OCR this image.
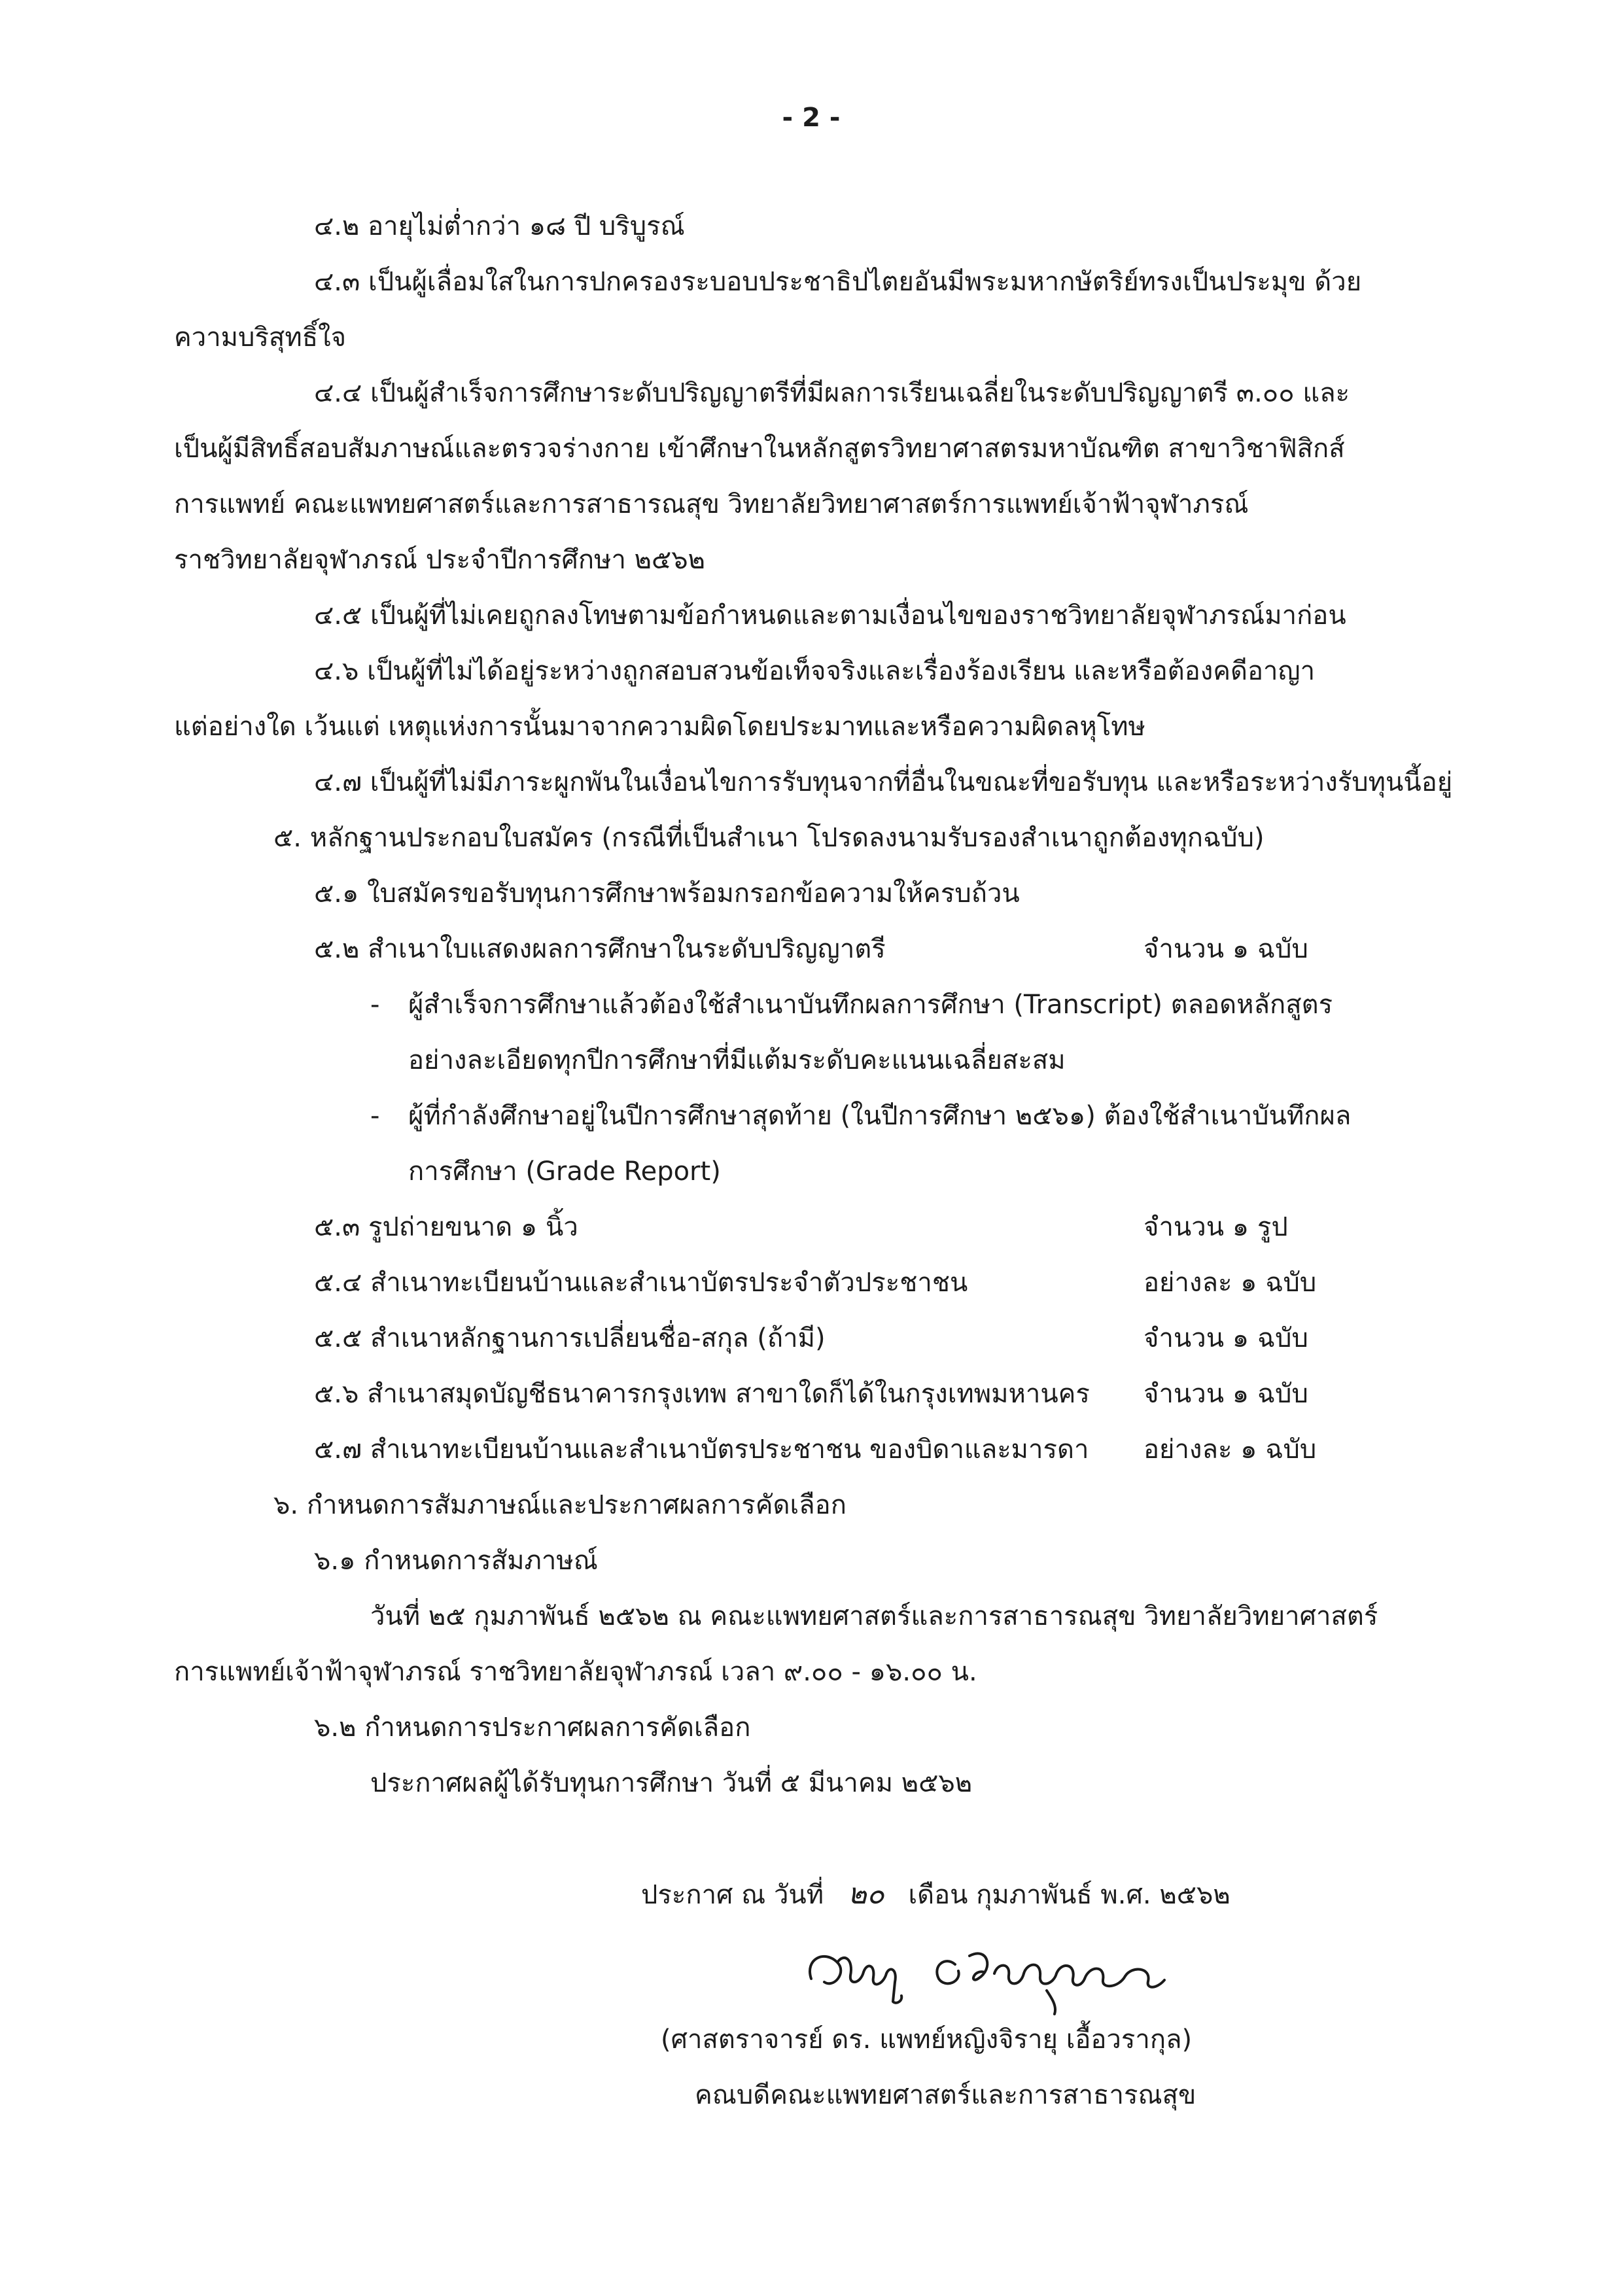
- 2 -
๔.๒ อายุไม่ต่ำกว่า ๑๘ ปี บริบูรณ์
๔.๓ เป็นผู้เลื่อมใสในการปกครองระบอบประชาธิปไตยอันมีพระมหากษัตริย์ทรงเป็นประมุข ด้วย
ความบริสุทธิ์ใจ
๔.๔ เป็นผู้สำเร็จการศึกษาระดับปริญญาตรีที่มีผลการเรียนเฉลี่ยในระดับปริญญาตรี ๓.๐๐ และ
เป็นผู้มีสิทธิ์สอบสัมภาษณ์และตรวจร่างกาย เข้าศึกษาในหลักสูตรวิทยาศาสตรมหาบัณฑิต สาขาวิชาฟิสิกส์
การแพทย์ คณะแพทยศาสตร์และการสาธารณสุข วิทยาลัยวิทยาศาสตร์การแพทย์เจ้าฟ้าจุฬาภรณ์
ราชวิทยาลัยจุฬาภรณ์ ประจำปีการศึกษา ๒๕๖๒
๔.๕ เป็นผู้ที่ไม่เคยถูกลงโทษตามข้อกำหนดและตามเงื่อนไขของราชวิทยาลัยจุฬาภรณ์มาก่อน
๔.๖ เป็นผู้ที่ไม่ได้อยู่ระหว่างถูกสอบสวนข้อเท็จจริงและเรื่องร้องเรียน และหรือต้องคดีอาญา
แต่อย่างใด เว้นแต่ เหตุแห่งการนั้นมาจากความผิดโดยประมาทและหรือความผิดลหุโทษ
๔.๗ เป็นผู้ที่ไม่มีภาระผูกพันในเงื่อนไขการรับทุนจากที่อื่นในขณะที่ขอรับทุน และหรือระหว่างรับทุนนี้อยู่
๕. หลักฐานประกอบใบสมัคร (กรณีที่เป็นสำเนา โปรดลงนามรับรองสำเนาถูกต้องทุกฉบับ)
๕.๑ ใบสมัครขอรับทุนการศึกษาพร้อมกรอกข้อความให้ครบถ้วน
๕.๒ สำเนาใบแสดงผลการศึกษาในระดับปริญญาตรี	จำนวน ๑ ฉบับ
- ผู้สำเร็จการศึกษาแล้วต้องใช้สำเนาบันทึกผลการศึกษา (Transcript) ตลอดหลักสูตร
อย่างละเอียดทุกปีการศึกษาที่มีแต้มระดับคะแนนเฉลี่ยสะสม
- ผู้ที่กำลังศึกษาอยู่ในปีการศึกษาสุดท้าย (ในปีการศึกษา ๒๕๖๑) ต้องใช้สำเนาบันทึกผล
การศึกษา (Grade Report)
๕.๓ รูปถ่ายขนาด ๑ นิ้ว	จำนวน ๑ รูป
๕.๔ สำเนาทะเบียนบ้านและสำเนาบัตรประจำตัวประชาชน	อย่างละ ๑ ฉบับ
๕.๕ สำเนาหลักฐานการเปลี่ยนชื่อ-สกุล (ถ้ามี)	จำนวน ๑ ฉบับ
๕.๖ สำเนาสมุดบัญชีธนาคารกรุงเทพ สาขาใดก็ได้ในกรุงเทพมหานคร จำนวน ๑ ฉบับ
๕.๗ สำเนาทะเบียนบ้านและสำเนาบัตรประชาชน ของบิดาและมารดา อย่างละ ๑ ฉบับ
๖. กำหนดการสัมภาษณ์และประกาศผลการคัดเลือก
๖.๑ กำหนดการสัมภาษณ์
วันที่ ๒๕ กุมภาพันธ์ ๒๕๖๒ ณ คณะแพทยศาสตร์และการสาธารณสุข วิทยาลัยวิทยาศาสตร์
การแพทย์เจ้าฟ้าจุฬาภรณ์ ราชวิทยาลัยจุฬาภรณ์ เวลา ๙.๐๐ - ๑๖.๐๐ น.
๖.๒ กำหนดการประกาศผลการคัดเลือก
ประกาศผลผู้ได้รับทุนการศึกษา วันที่ ๕ มีนาคม ๒๕๖๒
ประกาศ ณ วันที่ ๒๐ เดือน กุมภาพันธ์ พ.ศ. ๒๕๖๒
จิรายุ เอื้อวรากุล
(ศาสตราจารย์ ดร. แพทย์หญิงจิรายุ เอื้อวรากุล)
คณบดีคณะแพทยศาสตร์และการสาธารณสุข
